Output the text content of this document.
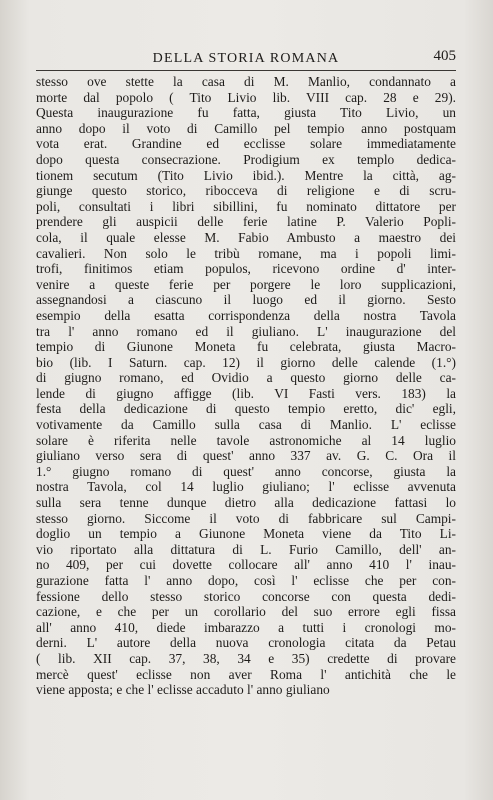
DELLA STORIA ROMANA	405
stesso ove stette la casa di M. Manlio, condannato a
morte dal popolo ( Tito Livio lib. VIII cap. 28 e 29).
Questa inaugurazione fu fatta, giusta Tito Livio, un
anno dopo il voto di Camillo pel tempio anno postquam
vota erat. Grandine ed ecclisse solare immediatamente
dopo questa consecrazione. Prodigium ex templo dedica-
tionem secutum (Tito Livio ibid.). Mentre la città, ag-
giunge questo storico, ribocceva di religione e di scru-
poli, consultati i libri sibillini, fu nominato dittatore per
prendere gli auspicii delle ferie latine P. Valerio Popli-
cola, il quale elesse M. Fabio Ambusto a maestro dei
cavalieri. Non solo le tribù romane, ma i popoli limi-
trofi, finitimos etiam populos, ricevono ordine d' inter-
venire a queste ferie per porgere le loro supplicazioni,
assegnandosi a ciascuno il luogo ed il giorno. Sesto
esempio della esatta corrispondenza della nostra Tavola
tra l' anno romano ed il giuliano. L' inaugurazione del
tempio di Giunone Moneta fu celebrata, giusta Macro-
bio (lib. I Saturn. cap. 12) il giorno delle calende (1.°)
di giugno romano, ed Ovidio a questo giorno delle ca-
lende di giugno affigge (lib. VI Fasti vers. 183) la
festa della dedicazione di questo tempio eretto, dic' egli,
votivamente da Camillo sulla casa di Manlio. L' eclisse
solare è riferita nelle tavole astronomiche al 14 luglio
giuliano verso sera di quest' anno 337 av. G. C. Ora il
1.° giugno romano di quest' anno concorse, giusta la
nostra Tavola, col 14 luglio giuliano; l' eclisse avvenuta
sulla sera tenne dunque dietro alla dedicazione fattasi lo
stesso giorno. Siccome il voto di fabbricare sul Campi-
doglio un tempio a Giunone Moneta viene da Tito Li-
vio riportato alla dittatura di L. Furio Camillo, dell' an-
no 409, per cui dovette collocare all' anno 410 l' inau-
gurazione fatta l' anno dopo, così l' eclisse che per con-
fessione dello stesso storico concorse con questa dedi-
cazione, e che per un corollario del suo errore egli fissa
all' anno 410, diede imbarazzo a tutti i cronologi mo-
derni. L' autore della nuova cronologia citata da Petau
( lib. XII cap. 37, 38, 34 e 35) credette di provare
mercè quest' eclisse non aver Roma l' antichità che le
viene apposta; e che l' eclisse accaduto l' anno giuliano
